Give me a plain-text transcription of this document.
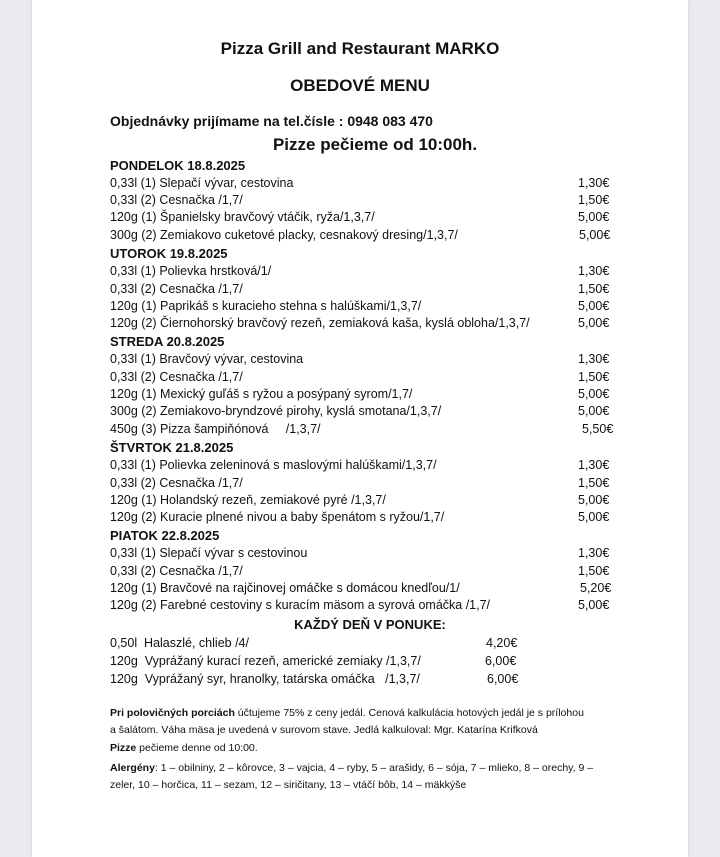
Pizza Grill and Restaurant MARKO
OBEDOVÉ MENU
Objednávky prijímame na tel.čísle : 0948 083 470
Pizze pečieme od 10:00h.
PONDELOK 18.8.2025
0,33l (1) Slepačí vývar, cestovina	1,30€
0,33l (2) Cesnačka /1,7/	1,50€
120g (1) Španielsky bravčový vtáčik, ryža/1,3,7/	5,00€
300g (2) Zemiakovo cuketové placky, cesnakový dresing/1,3,7/	5,00€
UTOROK 19.8.2025
0,33l (1) Polievka hrstková/1/	1,30€
0,33l (2) Cesnačka /1,7/	1,50€
120g (1) Paprikáš s kuracieho stehna s halúškami/1,3,7/	5,00€
120g (2) Čiernohorský bravčový rezeň, zemiaková kaša, kyslá obloha/1,3,7/	5,00€
STREDA 20.8.2025
0,33l (1) Bravčový vývar, cestovina	1,30€
0,33l (2) Cesnačka /1,7/	1,50€
120g (1) Mexický guľáš s ryžou a posýpaný syrom/1,7/	5,00€
300g (2) Zemiakovo-bryndzové pirohy, kyslá smotana/1,3,7/	5,00€
450g (3) Pizza šampiňónová     /1,3,7/	5,50€
ŠTVRTOK 21.8.2025
0,33l (1) Polievka zeleninová s maslovými halúškami/1,3,7/	1,30€
0,33l (2) Cesnačka /1,7/	1,50€
120g (1) Holandský rezeň, zemiakové pyré /1,3,7/	5,00€
120g (2) Kuracie plnené nivou a baby špenátom s ryžou/1,7/	5,00€
PIATOK 22.8.2025
0,33l (1) Slepačí vývar s cestovinou	1,30€
0,33l (2) Cesnačka /1,7/	1,50€
120g (1) Bravčové na rajčinovej omáčke s domácou knedľou/1/	5,20€
120g (2) Farebné cestoviny s kuracím mäsom a syrová omáčka /1,7/	5,00€
KAŽDÝ DEŇ V PONUKE:
0,50l  Halaszlé, chlieb /4/	4,20€
120g  Vyprážaný kurací rezeň, americké zemiaky /1,3,7/	6,00€
120g  Vyprážaný syr, hranolky, tatárska omáčka   /1,3,7/	6,00€
Pri polovičných porciách účtujeme 75% z ceny jedál. Cenová kalkulácia hotových jedál je s prílohou
a šalátom. Váha mäsa je uvedená v surovom stave. Jedlá kalkuloval: Mgr. Katarína Krifková
Pizze pečieme denne od 10:00.
Alergény: 1 – obilniny, 2 – kôrovce, 3 – vajcia, 4 – ryby, 5 – arašidy, 6 – sója, 7 – mlieko, 8 – orechy, 9 –
zeler, 10 – horčica, 11 – sezam, 12 – siričitany, 13 – vtáčí bôb, 14 – mäkkýše
